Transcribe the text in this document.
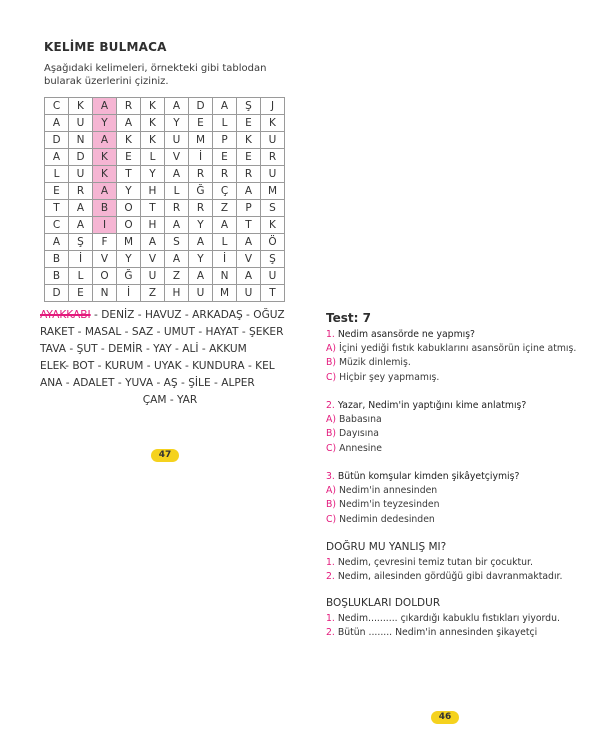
KELİME BULMACA
Aşağıdaki kelimeleri, örnekteki gibi tablodan bularak üzerlerini çiziniz.
C	K	A	R	K	A	D	A	Ş	J
A	U	Y	A	K	Y	E	L	E	K
D	N	A	K	K	U	M	P	K	U
A	D	K	E	L	V	İ	E	E	R
L	U	K	T	Y	A	R	R	R	U
E	R	A	Y	H	L	Ğ	Ç	A	M
T	A	B	O	T	R	R	Z	P	S
C	A	I	O	H	A	Y	A	T	K
A	Ş	F	M	A	S	A	L	A	Ö
B	İ	V	Y	V	A	Y	İ	V	Ş
B	L	O	Ğ	U	Z	A	N	A	U
D	E	N	İ	Z	H	U	M	U	T
AYAKKABI - DENİZ - HAVUZ - ARKADAŞ - OĞUZ
RAKET - MASAL - SAZ - UMUT - HAYAT - ŞEKER
TAVA - ŞUT - DEMİR - YAY - ALİ - AKKUM
ELEK- BOT - KURUM - UYAK - KUNDURA - KEL
ANA - ADALET - YUVA - AŞ - ŞİLE - ALPER
ÇAM - YAR
47
Test: 7
1. Nedim asansörde ne yapmış?
A) İçini yediği fıstık kabuklarını asansörün içine atmış.
B) Müzik dinlemiş.
C) Hiçbir şey yapmamış.
2. Yazar, Nedim'in yaptığını kime anlatmış?
A) Babasına
B) Dayısına
C) Annesine
3. Bütün komşular kimden şikâyetçiymiş?
A) Nedim'in annesinden
B) Nedim'in teyzesinden
C) Nedimin dedesinden
DOĞRU MU YANLIŞ MI?
1. Nedim, çevresini temiz tutan bir çocuktur.
2. Nedim, ailesinden gördüğü gibi davranmaktadır.
BOŞLUKLARI DOLDUR
1. Nedim.......... çıkardığı kabuklu fıstıkları yiyordu.
2. Bütün ........ Nedim'in annesinden şikayetçi
46
